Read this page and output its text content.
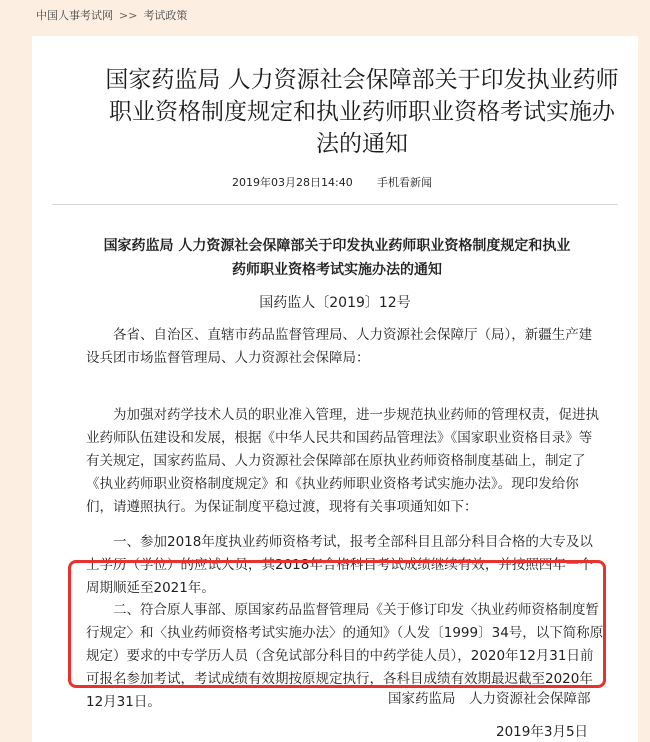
中国人事考试网 >> 考试政策
国家药监局 人力资源社会保障部关于印发执业药师职业资格制度规定和执业药师职业资格考试实施办法的通知
2019年03月28日14:40 手机看新闻
国家药监局 人力资源社会保障部关于印发执业药师职业资格制度规定和执业药师职业资格考试实施办法的通知
国药监人〔2019〕12号

各省、自治区、直辖市药品监督管理局、人力资源社会保障厅（局），新疆生产建设兵团市场监督管理局、人力资源社会保障局：

为加强对药学技术人员的职业准入管理，进一步规范执业药师的管理权责，促进执业药师队伍建设和发展，根据《中华人民共和国药品管理法》《国家职业资格目录》等有关规定，国家药监局、人力资源社会保障部在原执业药师资格制度基础上，制定了《执业药师职业资格制度规定》和《执业药师职业资格考试实施办法》。现印发给你们，请遵照执行。为保证制度平稳过渡，现将有关事项通知如下：

一、参加2018年度执业药师资格考试，报考全部科目且部分科目合格的大专及以上学历（学位）的应试人员，其2018年合格科目考试成绩继续有效，并按照四年一个周期顺延至2021年。

二、符合原人事部、原国家药品监督管理局《关于修订印发〈执业药师资格制度暂行规定〉和〈执业药师资格考试实施办法〉的通知》（人发〔1999〕34号，以下简称原规定）要求的中专学历人员（含免试部分科目的中药学徒人员），2020年12月31日前可报名参加考试，考试成绩有效期按原规定执行，各科目成绩有效期最迟截至2020年12月31日。	国家药监局　人力资源社会保障部
2019年3月5日
